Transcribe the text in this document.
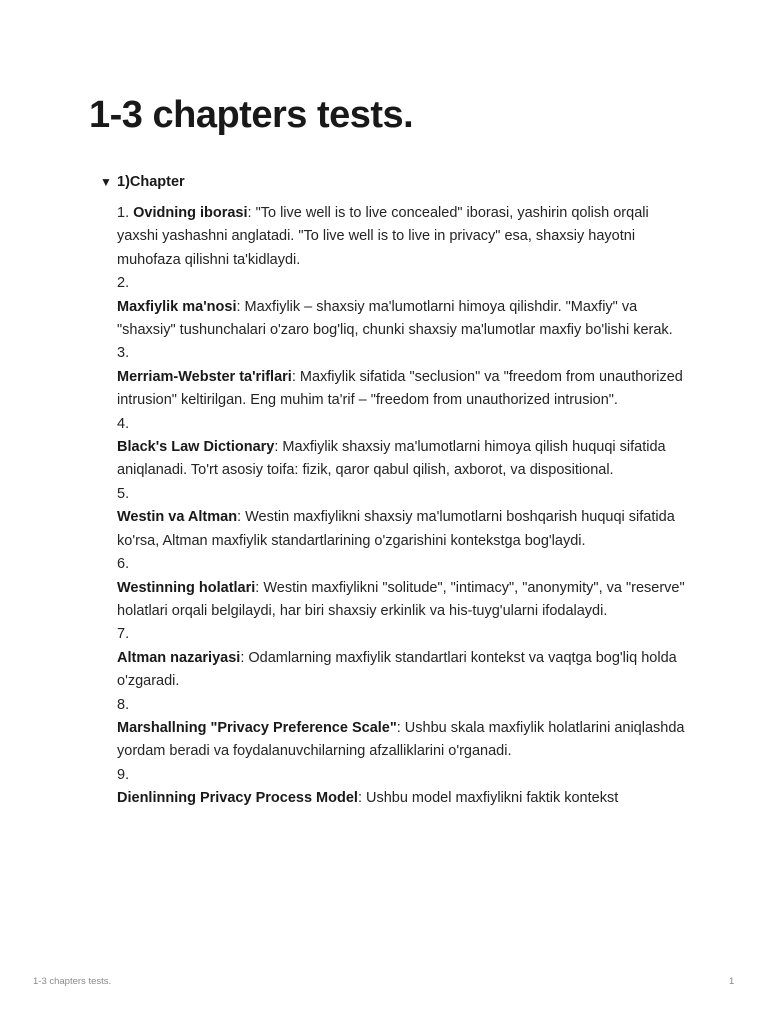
1-3 chapters tests.
▼ 1)Chapter

1. Ovidning iborasi: "To live well is to live concealed" iborasi, yashirin qolish orqali yaxshi yashashni anglatadi. "To live well is to live in privacy" esa, shaxsiy hayotni muhofaza qilishni ta'kidlaydi.

2.

Maxfiylik ma'nosi: Maxfiylik – shaxsiy ma'lumotlarni himoya qilishdir. "Maxfiy" va "shaxsiy" tushunchalari o'zaro bog'liq, chunki shaxsiy ma'lumotlar maxfiy bo'lishi kerak.

3.

Merriam-Webster ta'riflari: Maxfiylik sifatida "seclusion" va "freedom from unauthorized intrusion" keltirilgan. Eng muhim ta'rif – "freedom from unauthorized intrusion".

4.

Black's Law Dictionary: Maxfiylik shaxsiy ma'lumotlarni himoya qilish huquqi sifatida aniqlanadi. To'rt asosiy toifa: fizik, qaror qabul qilish, axborot, va dispositional.

5.

Westin va Altman: Westin maxfiylikni shaxsiy ma'lumotlarni boshqarish huquqi sifatida ko'rsa, Altman maxfiylik standartlarining o'zgarishini kontekstga bog'laydi.

6.

Westinning holatlari: Westin maxfiylikni "solitude", "intimacy", "anonymity", va "reserve" holatlari orqali belgilaydi, har biri shaxsiy erkinlik va his-tuyg'ularni ifodalaydi.

7.

Altman nazariyasi: Odamlarning maxfiylik standartlari kontekst va vaqtga bog'liq holda o'zgaradi.

8.

Marshallning "Privacy Preference Scale": Ushbu skala maxfiylik holatlarini aniqlashda yordam beradi va foydalanuvchilarning afzalliklarini o'rganadi.

9.

Dienlinning Privacy Process Model: Ushbu model maxfiylikni faktik kontekst

1-3 chapters tests.	1
